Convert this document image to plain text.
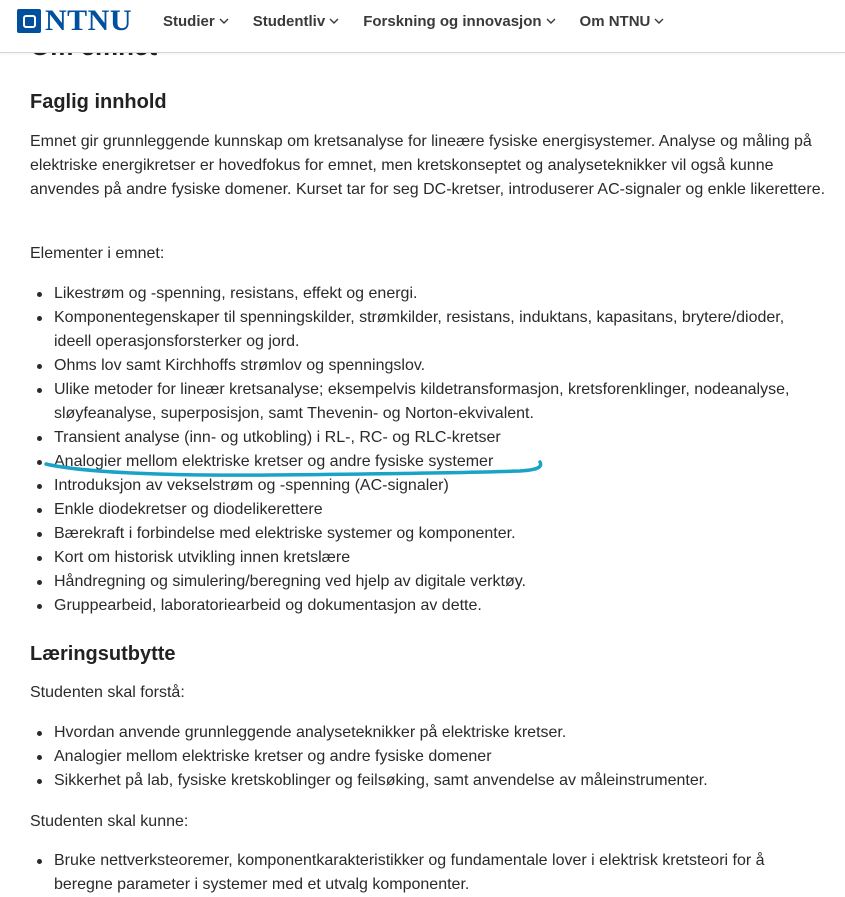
NTNU Studier	Studentliv	Forskning og innovasjon	Om NTNU
Faglig innhold

Emnet gir grunnleggende kunnskap om kretsanalyse for lineære fysiske energisystemer. Analyse og måling på elektriske energikretser er hovedfokus for emnet, men kretskonseptet og analyseteknikker vil også kunne anvendes på andre fysiske domener. Kurset tar for seg DC-kretser, introduserer AC-signaler og enkle likerettere.

Elementer i emnet:

Likestrøm og -spenning, resistans, effekt og energi.
Komponentegenskaper til spenningskilder, strømkilder, resistans, induktans, kapasitans, brytere/dioder, ideell operasjonsforsterker og jord.
Ohms lov samt Kirchhoffs strømlov og spenningslov.
Ulike metoder for lineær kretsanalyse; eksempelvis kildetransformasjon, kretsforenklinger, nodeanalyse, sløyfeanalyse, superposisjon, samt Thevenin- og Norton-ekvivalent.
Transient analyse (inn- og utkobling) i RL-, RC- og RLC-kretser
Analogier mellom elektriske kretser og andre fysiske systemer
Introduksjon av vekselstrøm og -spenning (AC-signaler)
Enkle diodekretser og diodelikerettere
Bærekraft i forbindelse med elektriske systemer og komponenter.
Kort om historisk utvikling innen kretslære
Håndregning og simulering/beregning ved hjelp av digitale verktøy.
Gruppearbeid, laboratoriearbeid og dokumentasjon av dette.
Læringsutbytte

Studenten skal forstå:

Hvordan anvende grunnleggende analyseteknikker på elektriske kretser.
Analogier mellom elektriske kretser og andre fysiske domener
Sikkerhet på lab, fysiske kretskoblinger og feilsøking, samt anvendelse av måleinstrumenter.

Studenten skal kunne:

Bruke nettverksteoremer, komponentkarakteristikker og fundamentale lover i elektrisk kretsteori for å beregne parameter i systemer med et utvalg komponenter.
